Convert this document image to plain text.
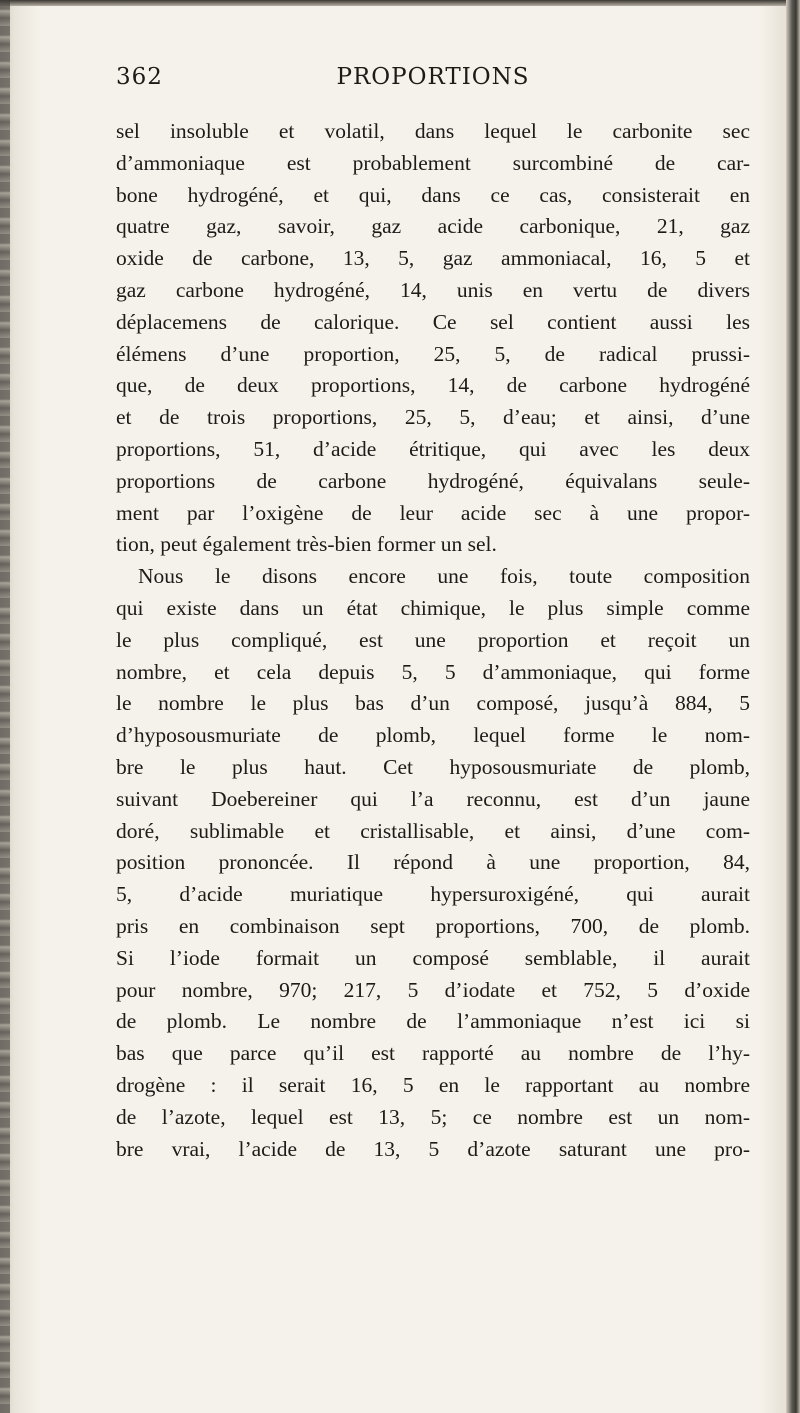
362	PROPORTIONS
sel insoluble et volatil, dans lequel le carbonite sec
d’ammoniaque est probablement surcombiné de car-
bone hydrogéné, et qui, dans ce cas, consisterait en
quatre gaz, savoir, gaz acide carbonique, 21, gaz
oxide de carbone, 13, 5, gaz ammoniacal, 16, 5 et
gaz carbone hydrogéné, 14, unis en vertu de divers
déplacemens de calorique. Ce sel contient aussi les
élémens d’une proportion, 25, 5, de radical prussi-
que, de deux proportions, 14, de carbone hydrogéné
et de trois proportions, 25, 5, d’eau; et ainsi, d’une
proportions, 51, d’acide étritique, qui avec les deux
proportions de carbone hydrogéné, équivalans seule-
ment par l’oxigène de leur acide sec à une propor-
tion, peut également très-bien former un sel.
Nous le disons encore une fois, toute composition
qui existe dans un état chimique, le plus simple comme
le plus compliqué, est une proportion et reçoit un
nombre, et cela depuis 5, 5 d’ammoniaque, qui forme
le nombre le plus bas d’un composé, jusqu’à 884, 5
d’hyposousmuriate de plomb, lequel forme le nom-
bre le plus haut. Cet hyposousmuriate de plomb,
suivant Doebereiner qui l’a reconnu, est d’un jaune
doré, sublimable et cristallisable, et ainsi, d’une com-
position prononcée. Il répond à une proportion, 84,
5, d’acide muriatique hypersuroxigéné, qui aurait
pris en combinaison sept proportions, 700, de plomb.
Si l’iode formait un composé semblable, il aurait
pour nombre, 970; 217, 5 d’iodate et 752, 5 d’oxide
de plomb. Le nombre de l’ammoniaque n’est ici si
bas que parce qu’il est rapporté au nombre de l’hy-
drogène : il serait 16, 5 en le rapportant au nombre
de l’azote, lequel est 13, 5; ce nombre est un nom-
bre vrai, l’acide de 13, 5 d’azote saturant une pro-
